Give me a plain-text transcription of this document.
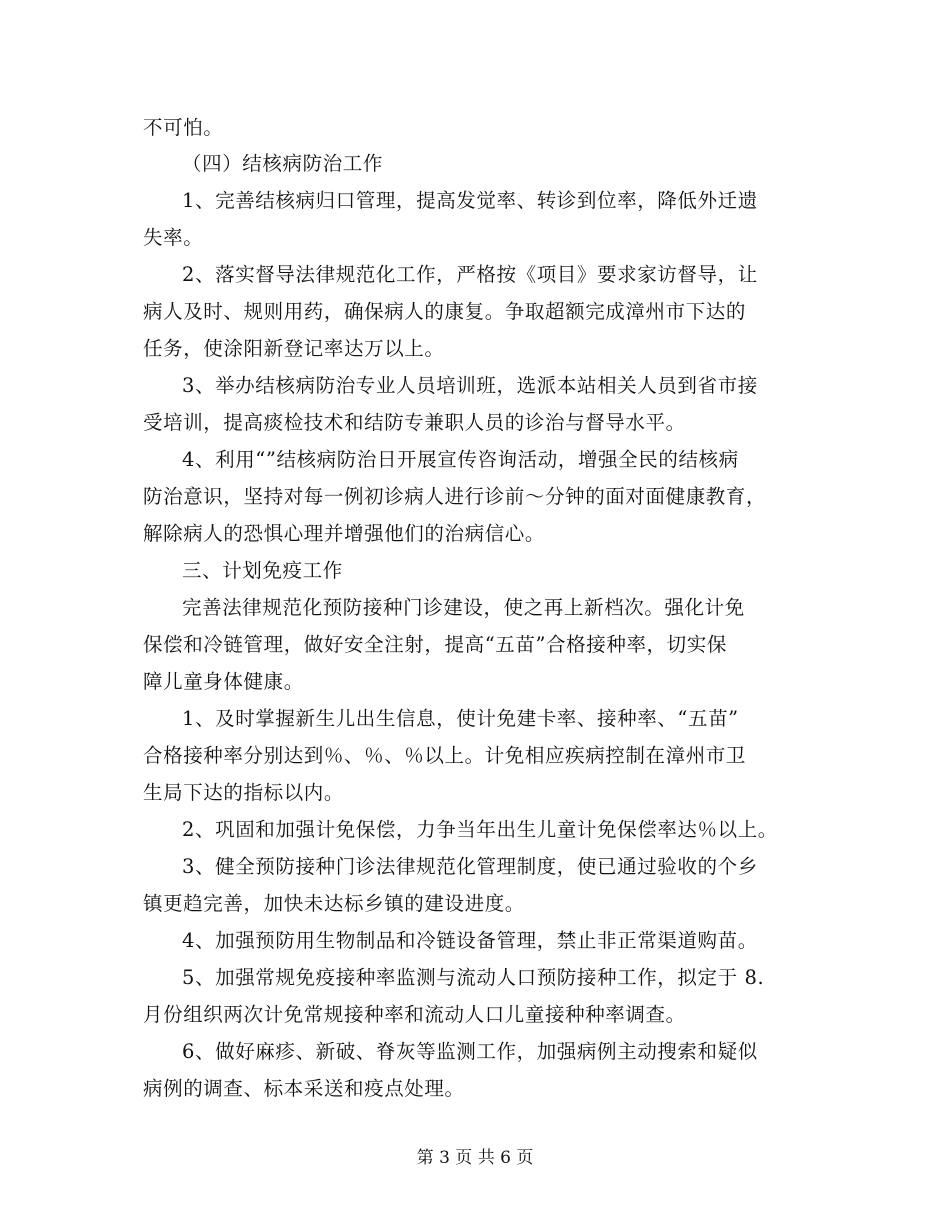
不可怕。
（四）结核病防治工作
1、完善结核病归口管理，提高发觉率、转诊到位率，降低外迁遗
失率。
2、落实督导法律规范化工作，严格按《项目》要求家访督导，让
病人及时、规则用药，确保病人的康复。争取超额完成漳州市下达的
任务，使涂阳新登记率达万以上。
3、举办结核病防治专业人员培训班，选派本站相关人员到省市接
受培训，提高痰检技术和结防专兼职人员的诊治与督导水平。
4、利用“”结核病防治日开展宣传咨询活动，增强全民的结核病
防治意识，坚持对每一例初诊病人进行诊前～分钟的面对面健康教育，
解除病人的恐惧心理并增强他们的治病信心。
三、计划免疫工作
完善法律规范化预防接种门诊建设，使之再上新档次。强化计免
保偿和冷链管理，做好安全注射，提高“五苗”合格接种率，切实保
障儿童身体健康。
1、及时掌握新生儿出生信息，使计免建卡率、接种率、“五苗”
合格接种率分别达到％、％、％以上。计免相应疾病控制在漳州市卫
生局下达的指标以内。
2、巩固和加强计免保偿，力争当年出生儿童计免保偿率达％以上。
3、健全预防接种门诊法律规范化管理制度，使已通过验收的个乡
镇更趋完善，加快未达标乡镇的建设进度。
4、加强预防用生物制品和冷链设备管理，禁止非正常渠道购苗。
5、加强常规免疫接种率监测与流动人口预防接种工作，拟定于 8.
月份组织两次计免常规接种率和流动人口儿童接种种率调查。
6、做好麻疹、新破、脊灰等监测工作，加强病例主动搜索和疑似
病例的调查、标本采送和疫点处理。
第 3 页 共 6 页
